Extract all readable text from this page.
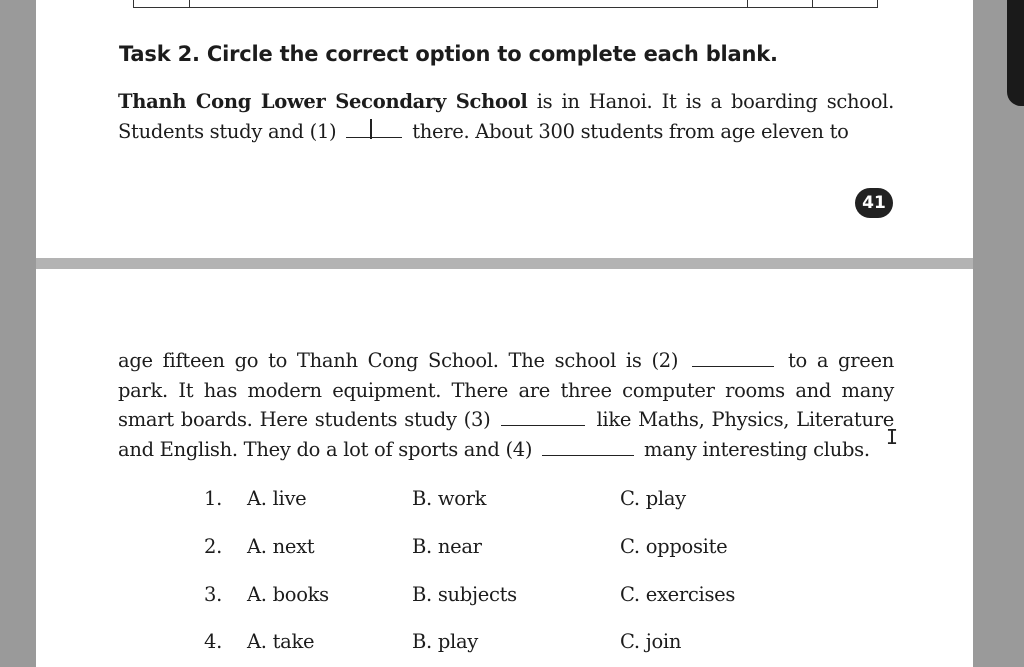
Task 2. Circle the correct option to complete each blank.
Thanh Cong Lower Secondary School is in Hanoi. It is a boarding school. Students study and (1)	there. About 300 students from age eleven to
41
age fifteen go to Thanh Cong School. The school is (2)	to a green park. It has modern equipment. There are three computer rooms and many smart boards. Here students study (3)	like Maths, Physics, Literature and English. They do a lot of sports and (4)	many interesting clubs. I
1. A. live	B. work	C. play
2. A. next	B. near	C. opposite
3. A. books	B. subjects	C. exercises
4. A. take	B. play	C. join
